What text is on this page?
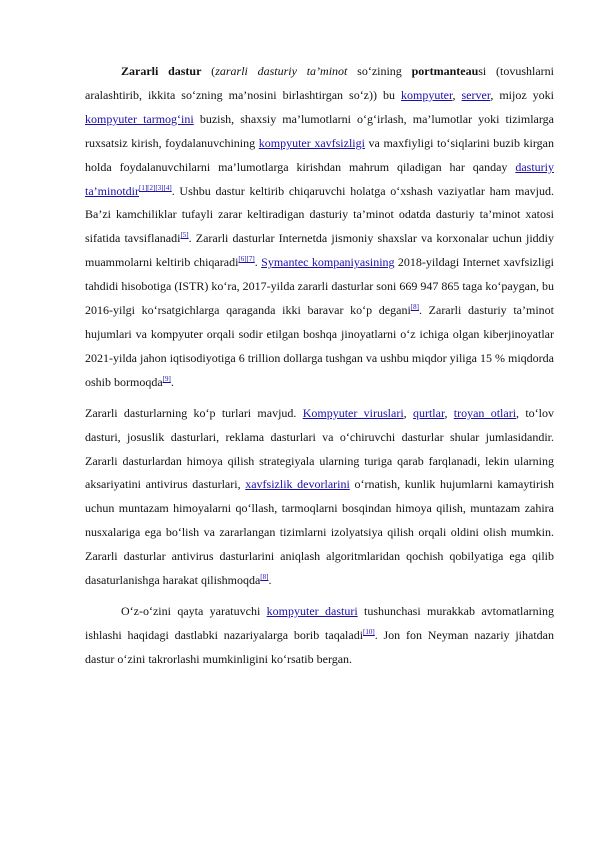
Zararli dastur (zararli dasturiy ta’minot so‘zining portmanteausi (tovushlarni aralashtirib, ikkita so‘zning ma’nosini birlashtirgan so‘z)) bu kompyuter, server, mijoz yoki kompyuter tarmog‘ini buzish, shaxsiy ma’lumotlarni o‘g‘irlash, ma’lumotlar yoki tizimlarga ruxsatsiz kirish, foydalanuvchining kompyuter xavfsizligi va maxfiyligi to‘siqlarini buzib kirgan holda foydalanuvchilarni ma’lumotlarga kirishdan mahrum qiladigan har qanday dasturiy ta’minotdir[1][2][3][4]. Ushbu dastur keltirib chiqaruvchi holatga o‘xshash vaziyatlar ham mavjud. Ba’zi kamchiliklar tufayli zarar keltiradigan dasturiy ta’minot odatda dasturiy ta’minot xatosi sifatida tavsiflanadi[5]. Zararli dasturlar Internetda jismoniy shaxslar va korxonalar uchun jiddiy muammolarni keltirib chiqaradi[6][7]. Symantec kompaniyasining 2018-yildagi Internet xavfsizligi tahdidi hisobotiga (ISTR) ko‘ra, 2017-yilda zararli dasturlar soni 669 947 865 taga ko‘paygan, bu 2016-yilgi ko‘rsatgichlarga qaraganda ikki baravar ko‘p degani[8]. Zararli dasturiy ta’minot hujumlari va kompyuter orqali sodir etilgan boshqa jinoyatlarni o‘z ichiga olgan kiberjinoyatlar 2021-yilda jahon iqtisodiyotiga 6 trillion dollarga tushgan va ushbu miqdor yiliga 15 % miqdorda oshib bormoqda[9].

Zararli dasturlarning ko‘p turlari mavjud. Kompyuter viruslari, qurtlar, troyan otlari, to‘lov dasturi, josuslik dasturlari, reklama dasturlari va o‘chiruvchi dasturlar shular jumlasidandir. Zararli dasturlardan himoya qilish strategiyala ularning turiga qarab farqlanadi, lekin ularning aksariyatini antivirus dasturlari, xavfsizlik devorlarini o‘rnatish, kunlik hujumlarni kamaytirish uchun muntazam himoyalarni qo‘llash, tarmoqlarni bosqindan himoya qilish, muntazam zahira nusxalariga ega bo‘lish va zararlangan tizimlarni izolyatsiya qilish orqali oldini olish mumkin. Zararli dasturlar antivirus dasturlarini aniqlash algoritmlaridan qochish qobilyatiga ega qilib dasaturlanishga harakat qilishmoqda[8].

O‘z-o‘zini qayta yaratuvchi kompyuter dasturi tushunchasi murakkab avtomatlarning ishlashi haqidagi dastlabki nazariyalarga borib taqaladi[10]. Jon fon Neyman nazariy jihatdan dastur o‘zini takrorlashi mumkinligini ko‘rsatib bergan.
